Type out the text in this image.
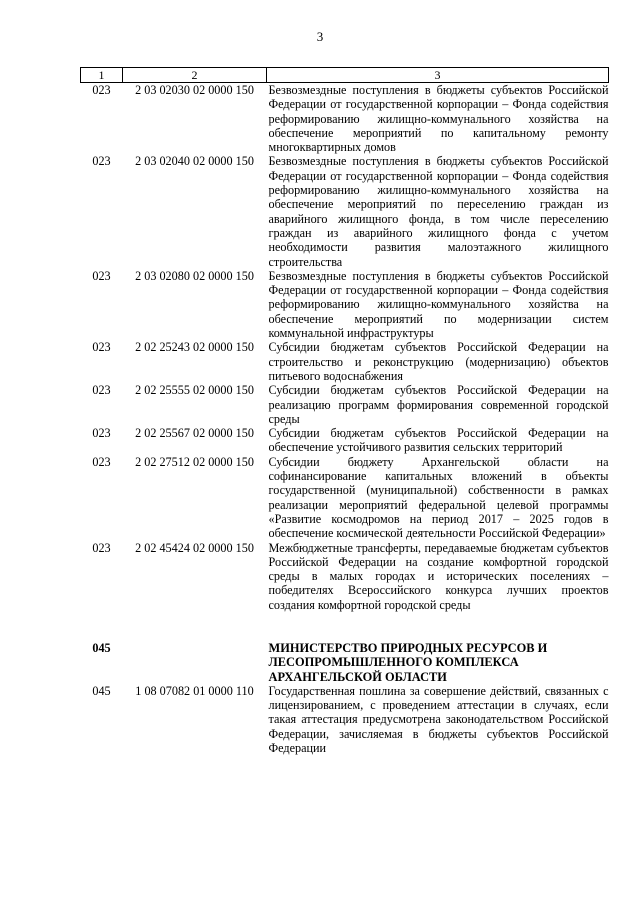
3
1	2	3
023	2 03 02030 02 0000 150	Безвозмездные поступления в бюджеты субъектов Российской Федерации от государственной корпорации – Фонда содействия реформированию жилищно-коммунального хозяйства на обеспечение мероприятий по капитальному ремонту многоквартирных домов
023	2 03 02040 02 0000 150	Безвозмездные поступления в бюджеты субъектов Российской Федерации от государственной корпорации – Фонда содействия реформированию жилищно-коммунального хозяйства на обеспечение мероприятий по переселению граждан из аварийного жилищного фонда, в том числе переселению граждан из аварийного жилищного фонда с учетом необходимости развития малоэтажного жилищного строительства
023	2 03 02080 02 0000 150	Безвозмездные поступления в бюджеты субъектов Российской Федерации от государственной корпорации – Фонда содействия реформированию жилищно-коммунального хозяйства на обеспечение мероприятий по модернизации систем коммунальной инфраструктуры
023	2 02 25243 02 0000 150	Субсидии бюджетам субъектов Российской Федерации на строительство и реконструкцию (модернизацию) объектов питьевого водоснабжения
023	2 02 25555 02 0000 150	Субсидии бюджетам субъектов Российской Федерации на реализацию программ формирования современной городской среды
023	2 02 25567 02 0000 150	Субсидии бюджетам субъектов Российской Федерации на обеспечение устойчивого развития сельских территорий
023	2 02 27512 02 0000 150	Субсидии бюджету Архангельской области на софинансирование капитальных вложений в объекты государственной (муниципальной) собственности в рамках реализации мероприятий федеральной целевой программы «Развитие космодромов на период 2017 – 2025 годов в обеспечение космической деятельности Российской Федерации»
023	2 02 45424 02 0000 150	Межбюджетные трансферты, передаваемые бюджетам субъектов Российской Федерации на создание комфортной городской среды в малых городах и исторических поселениях – победителях Всероссийского конкурса лучших проектов создания комфортной городской среды

045		МИНИСТЕРСТВО ПРИРОДНЫХ РЕСУРСОВ И ЛЕСОПРОМЫШЛЕННОГО КОМПЛЕКСА АРХАНГЕЛЬСКОЙ ОБЛАСТИ
045	1 08 07082 01 0000 110	Государственная пошлина за совершение действий, связанных с лицензированием, с проведением аттестации в случаях, если такая аттестация предусмотрена законодательством Российской Федерации, зачисляемая в бюджеты субъектов Российской Федерации
